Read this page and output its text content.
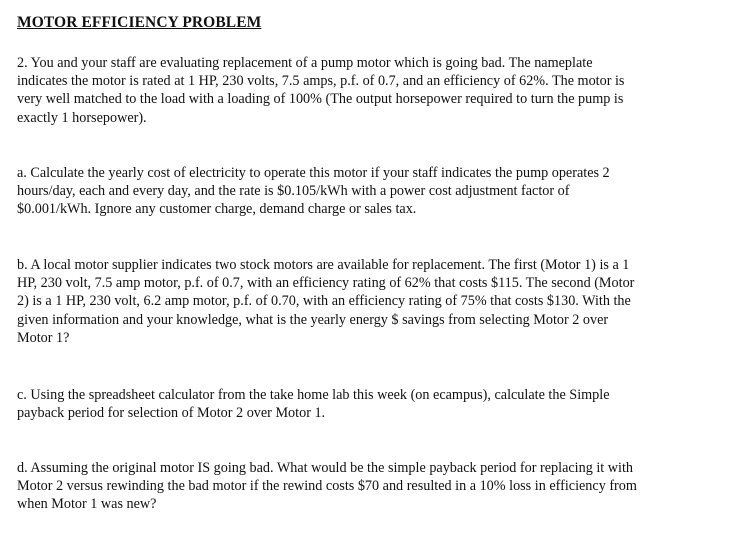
MOTOR EFFICIENCY PROBLEM

2. You and your staff are evaluating replacement of a pump motor which is going bad. The nameplate indicates the motor is rated at 1 HP, 230 volts, 7.5 amps, p.f. of 0.7, and an efficiency of 62%. The motor is very well matched to the load with a loading of 100% (The output horsepower required to turn the pump is exactly 1 horsepower).

a. Calculate the yearly cost of electricity to operate this motor if your staff indicates the pump operates 2 hours/day, each and every day, and the rate is $0.105/kWh with a power cost adjustment factor of $0.001/kWh. Ignore any customer charge, demand charge or sales tax.

b. A local motor supplier indicates two stock motors are available for replacement. The first (Motor 1) is a 1 HP, 230 volt, 7.5 amp motor, p.f. of 0.7, with an efficiency rating of 62% that costs $115. The second (Motor 2) is a 1 HP, 230 volt, 6.2 amp motor, p.f. of 0.70, with an efficiency rating of 75% that costs $130. With the given information and your knowledge, what is the yearly energy $ savings from selecting Motor 2 over Motor 1?

c. Using the spreadsheet calculator from the take home lab this week (on ecampus), calculate the Simple payback period for selection of Motor 2 over Motor 1.

d. Assuming the original motor IS going bad. What would be the simple payback period for replacing it with Motor 2 versus rewinding the bad motor if the rewind costs $70 and resulted in a 10% loss in efficiency from when Motor 1 was new?
